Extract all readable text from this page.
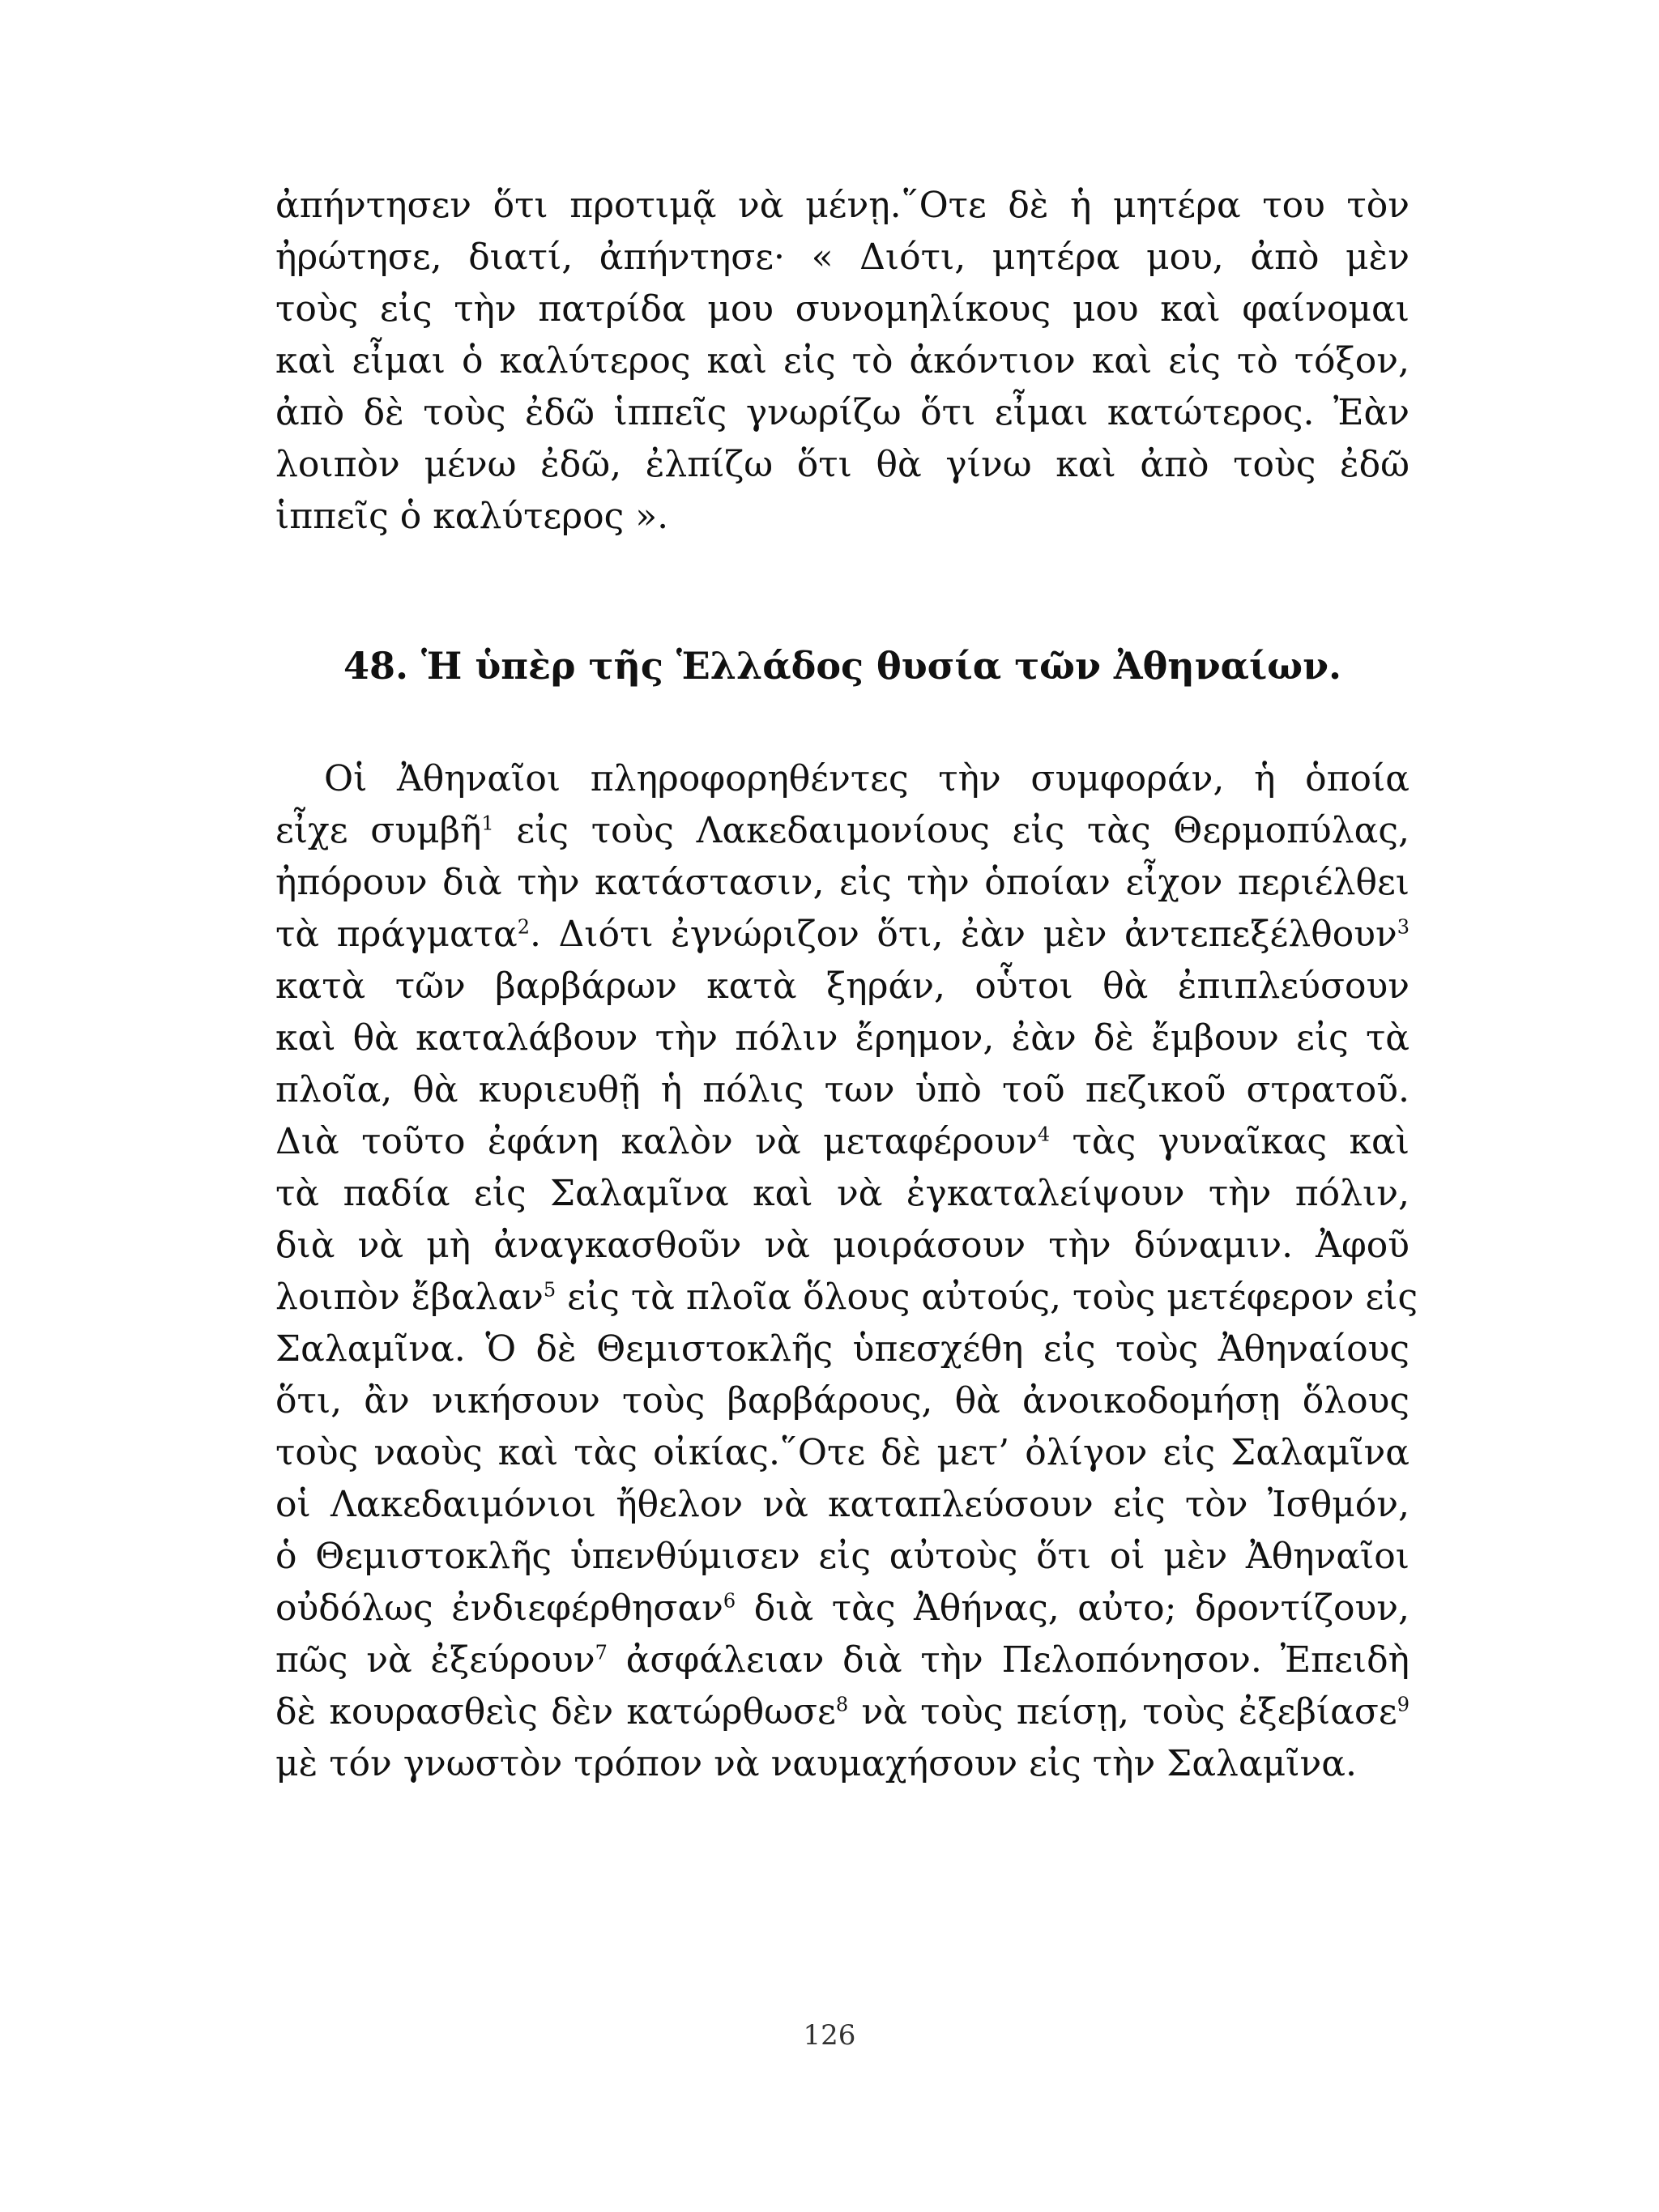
ἀπήντησεν ὅτι προτιμᾷ νὰ μένῃ.῞Οτε δὲ ἡ μητέρα του τὸν
ἠρώτησε, διατί, ἀπήντησε· « Διότι, μητέρα μου, ἀπὸ μὲν
τοὺς εἰς τὴν πατρίδα μου συνομηλίκους μου καὶ φαίνομαι
καὶ εἶμαι ὁ καλύτερος καὶ εἰς τὸ ἀκόντιον καὶ εἰς τὸ τόξον,
ἀπὸ δὲ τοὺς ἐδῶ ἱππεῖς γνωρίζω ὅτι εἶμαι κατώτερος. Ἐὰν
λοιπὸν μένω ἐδῶ, ἐλπίζω ὅτι θὰ γίνω καὶ ἀπὸ τοὺς ἐδῶ
ἱππεῖς ὁ καλύτερος ».
48. Ἡ ὑπὲρ τῆς Ἑλλάδος θυσία τῶν Ἀθηναίων.
Οἱ Ἀθηναῖοι πληροφορηθέντες τὴν συμφοράν, ἡ ὁποία
εἶχε συμβῆ$^1$ εἰς τοὺς Λακεδαιμονίους εἰς τὰς Θερμοπύλας,
ἠπόρουν διὰ τὴν κατάστασιν, εἰς τὴν ὁποίαν εἶχον περιέλθει
τὰ πράγματα$^2$. Διότι ἐγνώριζον ὅτι, ἐὰν μὲν ἀντεπεξέλθουν$^3$
κατὰ τῶν βαρβάρων κατὰ ξηράν, οὗτοι θὰ ἐπιπλεύσουν
καὶ θὰ καταλάβουν τὴν πόλιν ἔρημον, ἐὰν δὲ ἔμβουν εἰς τὰ
πλοῖα, θὰ κυριευθῇ ἡ πόλις των ὑπὸ τοῦ πεζικοῦ στρατοῦ.
Διὰ τοῦτο ἐφάνη καλὸν νὰ μεταφέρουν$^4$ τὰς γυναῖκας καὶ
τὰ παδία εἰς Σαλαμῖνα καὶ νὰ ἐγκαταλείψουν τὴν πόλιν,
διὰ νὰ μὴ ἀναγκασθοῦν νὰ μοιράσουν τὴν δύναμιν. Ἀφοῦ
λοιπὸν ἔβαλαν$^5$ εἰς τὰ πλοῖα ὅλους αὐτούς, τοὺς μετέφερον εἰς
Σαλαμῖνα. Ὁ δὲ Θεμιστοκλῆς ὑπεσχέθη εἰς τοὺς Ἀθηναίους
ὅτι, ἂν νικήσουν τοὺς βαρβάρους, θὰ ἀνοικοδομήσῃ ὅλους
τοὺς ναοὺς καὶ τὰς οἰκίας.῞Οτε δὲ μετ’ ὀλίγον εἰς Σαλαμῖνα
οἱ Λακεδαιμόνιοι ἤθελον νὰ καταπλεύσουν εἰς τὸν Ἰσθμόν,
ὁ Θεμιστοκλῆς ὑπενθύμισεν εἰς αὐτοὺς ὅτι οἱ μὲν Ἀθηναῖοι
οὐδόλως ἐνδιεφέρθησαν$^6$ διὰ τὰς Ἀθήνας, αὐτο; δροντίζουν,
πῶς νὰ ἐξεύρουν$^7$ ἀσφάλειαν διὰ τὴν Πελοπόνησον. Ἐπειδὴ
δὲ κουρασθεὶς δὲν κατώρθωσε$^8$ νὰ τοὺς πείσῃ, τοὺς ἐξεβίασε$^9$
μὲ τόν γνωστὸν τρόπον νὰ ναυμαχήσουν εἰς τὴν Σαλαμῖνα.
126
